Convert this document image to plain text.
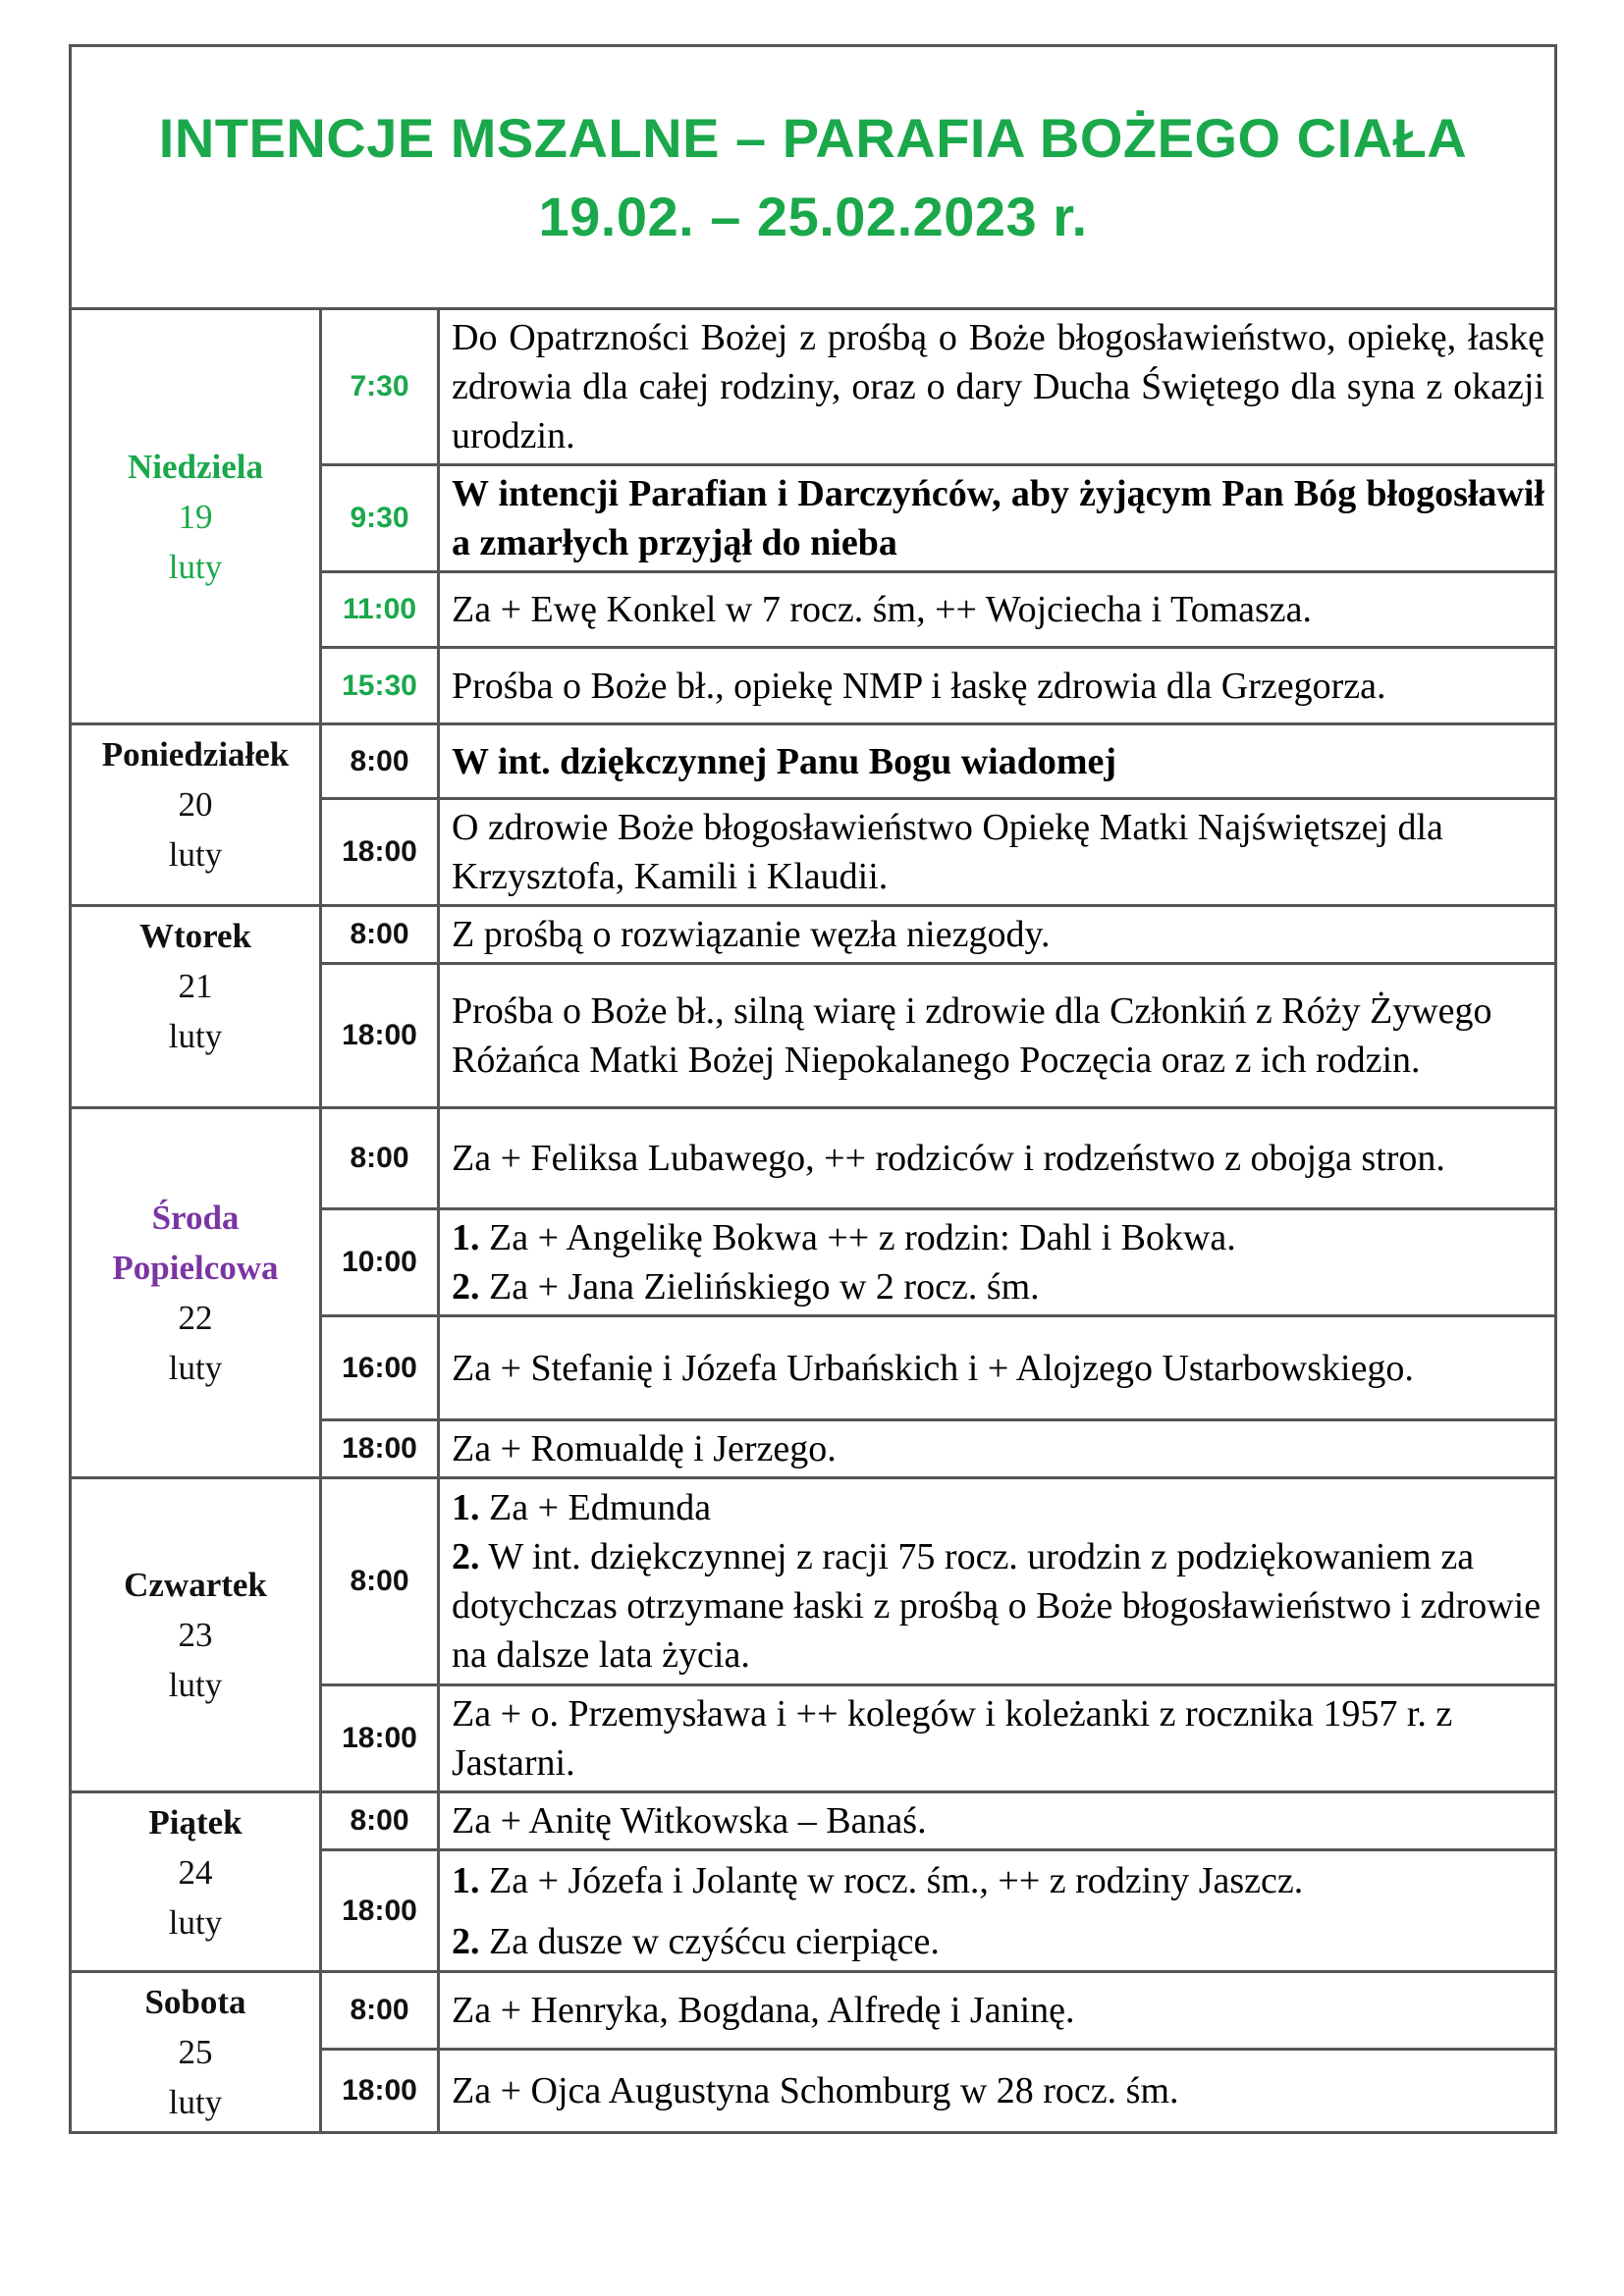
INTENCJE MSZALNE – PARAFIA BOŻEGO CIAŁA
19.02. – 25.02.2023 r.
Niedziela
19
luty	7:30	Do Opatrzności Bożej z prośbą o Boże błogosławieństwo, opiekę, łaskę zdrowia dla całej rodziny, oraz o dary Ducha Świętego dla syna z okazji urodzin.

	9:30	W intencji Parafian i Darczyńców, aby żyjącym Pan Bóg błogosławił a zmarłych przyjął do nieba

	11:00	Za + Ewę Konkel w 7 rocz. śm, ++ Wojciecha i Tomasza.

	15:30	Prośba o Boże bł., opiekę NMP i łaskę zdrowia dla Grzegorza.

Poniedziałek
20
luty	8:00	W int. dziękczynnej Panu Bogu wiadomej

	18:00	O zdrowie Boże błogosławieństwo Opiekę Matki Najświętszej dla Krzysztofa, Kamili i Klaudii.

Wtorek
21
luty	8:00	Z prośbą o rozwiązanie węzła niezgody.

	18:00	Prośba o Boże bł., silną wiarę i zdrowie dla Członkiń z Róży Żywego Różańca Matki Bożej Niepokalanego Poczęcia oraz z ich rodzin.

Środa
Popielcowa
22
luty	8:00	Za + Feliksa Lubawego, ++ rodziców i rodzeństwo z obojga stron.

	10:00	1. Za + Angelikę Bokwa ++ z rodzin: Dahl i Bokwa.
2. Za + Jana Zielińskiego w 2 rocz. śm.

	16:00	Za + Stefanię i Józefa Urbańskich i + Alojzego Ustarbowskiego.

	18:00	Za + Romualdę i Jerzego.

Czwartek
23
luty	8:00	1. Za + Edmunda
2. W int. dziękczynnej z racji 75 rocz. urodzin z podziękowaniem za dotychczas otrzymane łaski z prośbą o Boże błogosławieństwo i zdrowie na dalsze lata życia.

	18:00	Za + o. Przemysława i ++ kolegów i koleżanki z rocznika 1957 r. z Jastarni.

Piątek
24
luty	8:00	Za + Anitę Witkowska – Banaś.

	18:00	1. Za + Józefa i Jolantę w rocz. śm., ++ z rodziny Jaszcz.
2. Za dusze w czyśćcu cierpiące.

Sobota
25
luty	8:00	Za + Henryka, Bogdana, Alfredę i Janinę.

	18:00	Za + Ojca Augustyna Schomburg w 28 rocz. śm.
